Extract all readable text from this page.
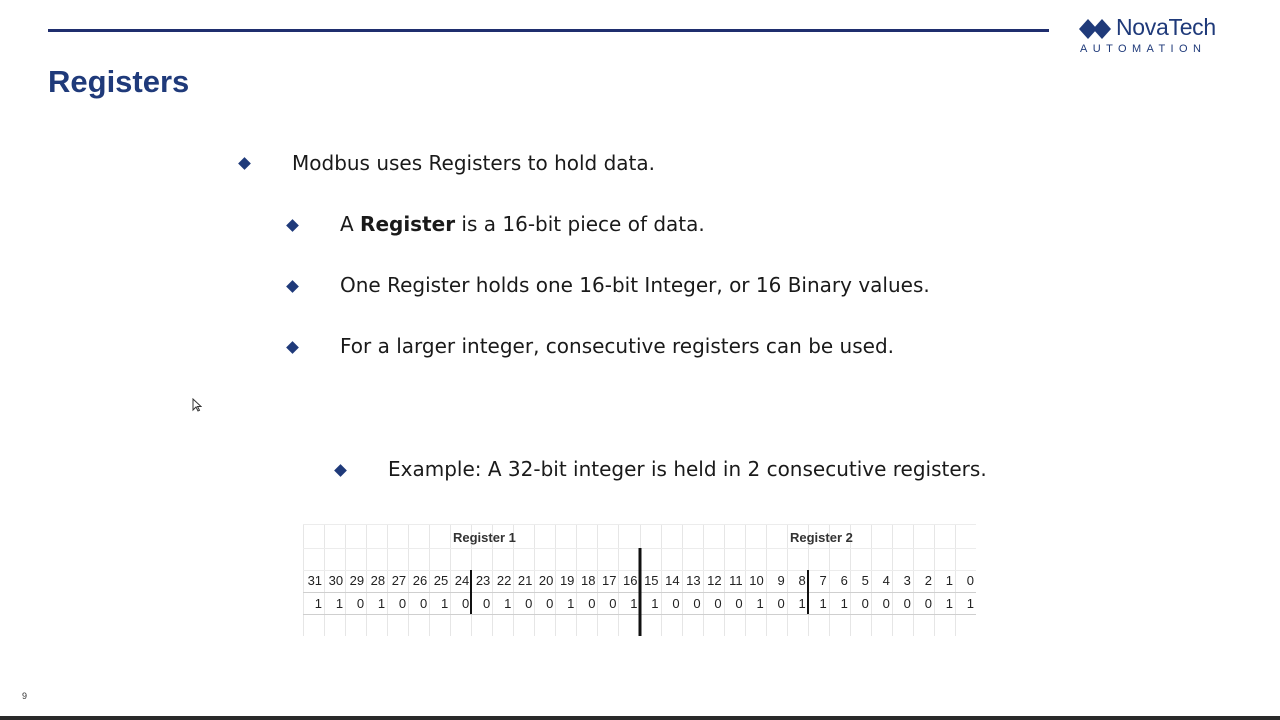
NovaTech
AUTOMATION
Registers
Modbus uses Registers to hold data.
A Register is a 16-bit piece of data.
One Register holds one 16-bit Integer, or 16 Binary values.
For a larger integer, consecutive registers can be used.
Example: A 32-bit integer is held in 2 consecutive registers.
Register 1	Register 2
31 30 29 28 27 26 25 24 23 22 21 20 19 18 17 16 15 14 13 12 11 10	9	8	7	6	5	4	3	2	1	0
1	1	0	1	0	0	1	0	0	1	0	0	1	0	0	1	1	0	0	0	0	1	0	1	1	1	0	0	0	0	1	1
9
